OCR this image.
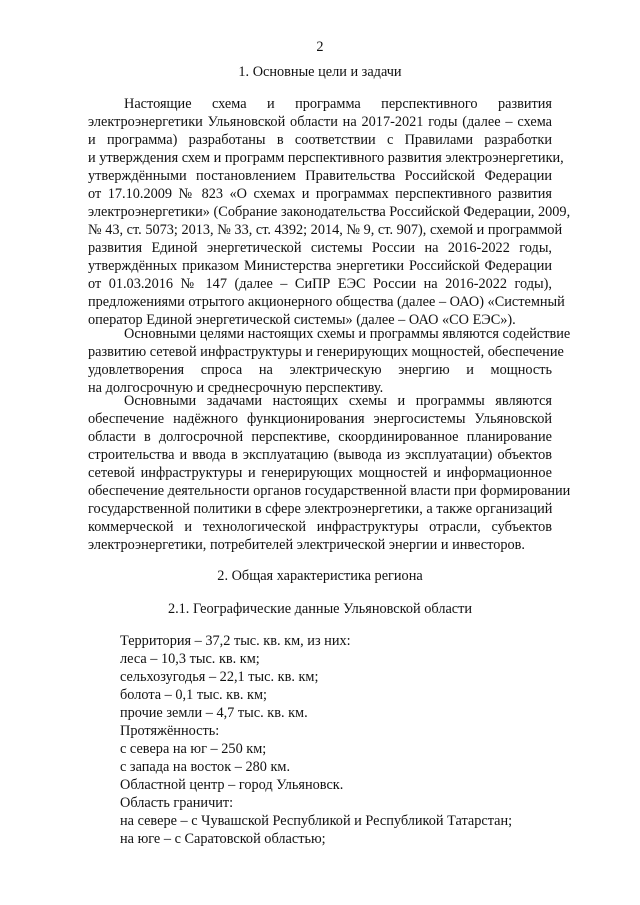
2
1. Основные цели и задачи
Настоящие схема и программа перспективного развития
электроэнергетики Ульяновской области на 2017-2021 годы (далее – схема
и программа) разработаны в соответствии с Правилами разработки
и утверждения схем и программ перспективного развития электроэнергетики,
утверждёнными постановлением Правительства Российской Федерации
от 17.10.2009 № 823 «О схемах и программах перспективного развития
электроэнергетики» (Собрание законодательства Российской Федерации, 2009,
№ 43, ст. 5073; 2013, № 33, ст. 4392; 2014, № 9, ст. 907), схемой и программой
развития Единой энергетической системы России на 2016-2022 годы,
утверждённых приказом Министерства энергетики Российской Федерации
от 01.03.2016 № 147 (далее – СиПР ЕЭС России на 2016-2022 годы),
предложениями отрытого акционерного общества (далее – ОАО) «Системный
оператор Единой энергетической системы» (далее – ОАО «СО ЕЭС»).
Основными целями настоящих схемы и программы являются содействие
развитию сетевой инфраструктуры и генерирующих мощностей, обеспечение
удовлетворения спроса на электрическую энергию и мощность
на долгосрочную и среднесрочную перспективу.
Основными задачами настоящих схемы и программы являются
обеспечение надёжного функционирования энергосистемы Ульяновской
области в долгосрочной перспективе, скоординированное планирование
строительства и ввода в эксплуатацию (вывода из эксплуатации) объектов
сетевой инфраструктуры и генерирующих мощностей и информационное
обеспечение деятельности органов государственной власти при формировании
государственной политики в сфере электроэнергетики, а также организаций
коммерческой и технологической инфраструктуры отрасли, субъектов
электроэнергетики, потребителей электрической энергии и инвесторов.
2. Общая характеристика региона
2.1. Географические данные Ульяновской области
Территория – 37,2 тыс. кв. км, из них:
леса – 10,3 тыс. кв. км;
сельхозугодья – 22,1 тыс. кв. км;
болота – 0,1 тыс. кв. км;
прочие земли – 4,7 тыс. кв. км.
Протяжённость:
с севера на юг – 250 км;
с запада на восток – 280 км.
Областной центр – город Ульяновск.
Область граничит:
на севере – с Чувашской Республикой и Республикой Татарстан;
на юге – с Саратовской областью;
